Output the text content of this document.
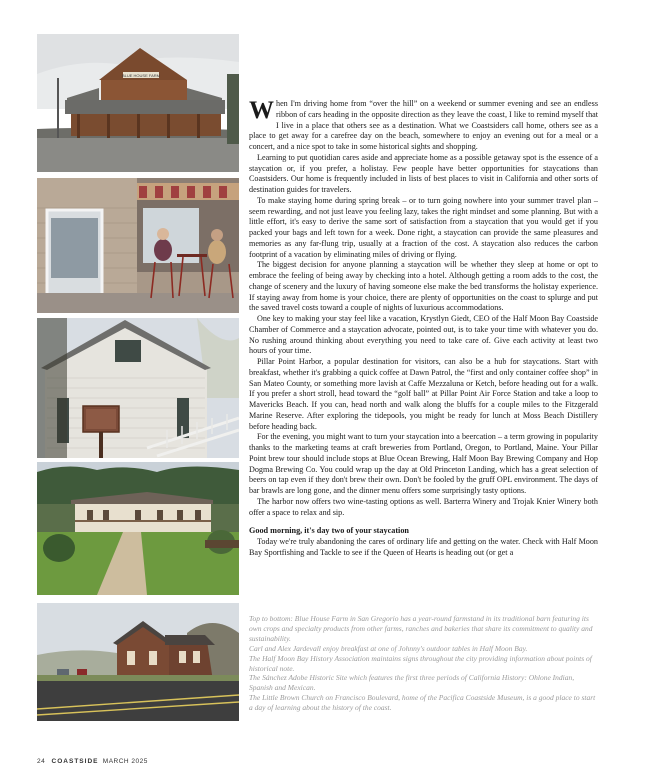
BLUE HOUSE FARM

When I'm driving home from “over the hill” on a weekend or summer evening and see an endless ribbon of cars heading in the opposite direction as they leave the coast, I like to remind myself that I live in a place that others see as a destination. What we Coastsiders call home, others see as a place to get away for a carefree day on the beach, somewhere to enjoy an evening out for a meal or a concert, and a nice spot to take in some historical sights and shopping.

Learning to put quotidian cares aside and appreciate home as a possible getaway spot is the essence of a staycation or, if you prefer, a holistay. Few people have better opportunities for staycations than Coastsiders. Our home is frequently included in lists of best places to visit in California and other sorts of destination guides for travelers.

To make staying home during spring break – or to turn going nowhere into your summer travel plan – seem rewarding, and not just leave you feeling lazy, takes the right mindset and some planning. But with a little effort, it's easy to derive the same sort of satisfaction from a staycation that you would get if you packed your bags and left town for a week. Done right, a staycation can provide the same pleasures and memories as any far-flung trip, usually at a fraction of the cost. A staycation also reduces the carbon footprint of a vacation by eliminating miles of driving or flying.

The biggest decision for anyone planning a staycation will be whether they sleep at home or opt to embrace the feeling of being away by checking into a hotel. Although getting a room adds to the cost, the change of scenery and the luxury of having someone else make the bed transforms the holistay experience. If staying away from home is your choice, there are plenty of opportunities on the coast to splurge and put the saved travel costs toward a couple of nights of luxurious accommodations.

One key to making your stay feel like a vacation, Krystlyn Giedt, CEO of the Half Moon Bay Coastside Chamber of Commerce and a staycation advocate, pointed out, is to take your time with whatever you do. No rushing around thinking about everything you need to take care of. Give each activity at least two hours of your time.

Pillar Point Harbor, a popular destination for visitors, can also be a hub for staycations. Start with breakfast, whether it's grabbing a quick coffee at Dawn Patrol, the “first and only container coffee shop” in San Mateo County, or something more lavish at Caffe Mezzaluna or Ketch, before heading out for a walk. If you prefer a short stroll, head toward the “golf ball” at Pillar Point Air Force Station and take a loop to Mavericks Beach. If you can, head north and walk along the bluffs for a couple miles to the Fitzgerald Marine Reserve. After exploring the tidepools, you might be ready for lunch at Moss Beach Distillery before heading back.

For the evening, you might want to turn your staycation into a beercation – a term growing in popularity thanks to the marketing teams at craft breweries from Portland, Oregon, to Portland, Maine. Your Pillar Point brew tour should include stops at Blue Ocean Brewing, Half Moon Bay Brewing Company and Hop Dogma Brewing Co. You could wrap up the day at Old Princeton Landing, which has a great selection of beers on tap even if they don't brew their own. Don't be fooled by the gruff OPL environment. The days of bar brawls are long gone, and the dinner menu offers some surprisingly tasty options.

The harbor now offers two wine-tasting options as well. Barterra Winery and Trojak Knier Winery both offer a space to relax and sip.

Good morning, it's day two of your staycation

Today we're truly abandoning the cares of ordinary life and getting on the water. Check with Half Moon Bay Sportfishing and Tackle to see if the Queen of Hearts is heading out (or get a

Top to bottom: Blue House Farm in San Gregorio has a year-round farmstand in its traditional barn featuring its own crops and specialty products from other farms, ranches and bakeries that share its commitment to quality and sustainability.

Carl and Alex Jardevall enjoy breakfast at one of Johnny's outdoor tables in Half Moon Bay.

The Half Moon Bay History Association maintains signs throughout the city providing information about points of historical note.

The Sánchez Adobe Historic Site which features the first three periods of California History: Ohlone Indian, Spanish and Mexican.

The Little Brown Church on Francisco Boulevard, home of the Pacifica Coastside Museum, is a good place to start a day of learning about the history of the coast.

24 COASTSIDE MARCH 2025
